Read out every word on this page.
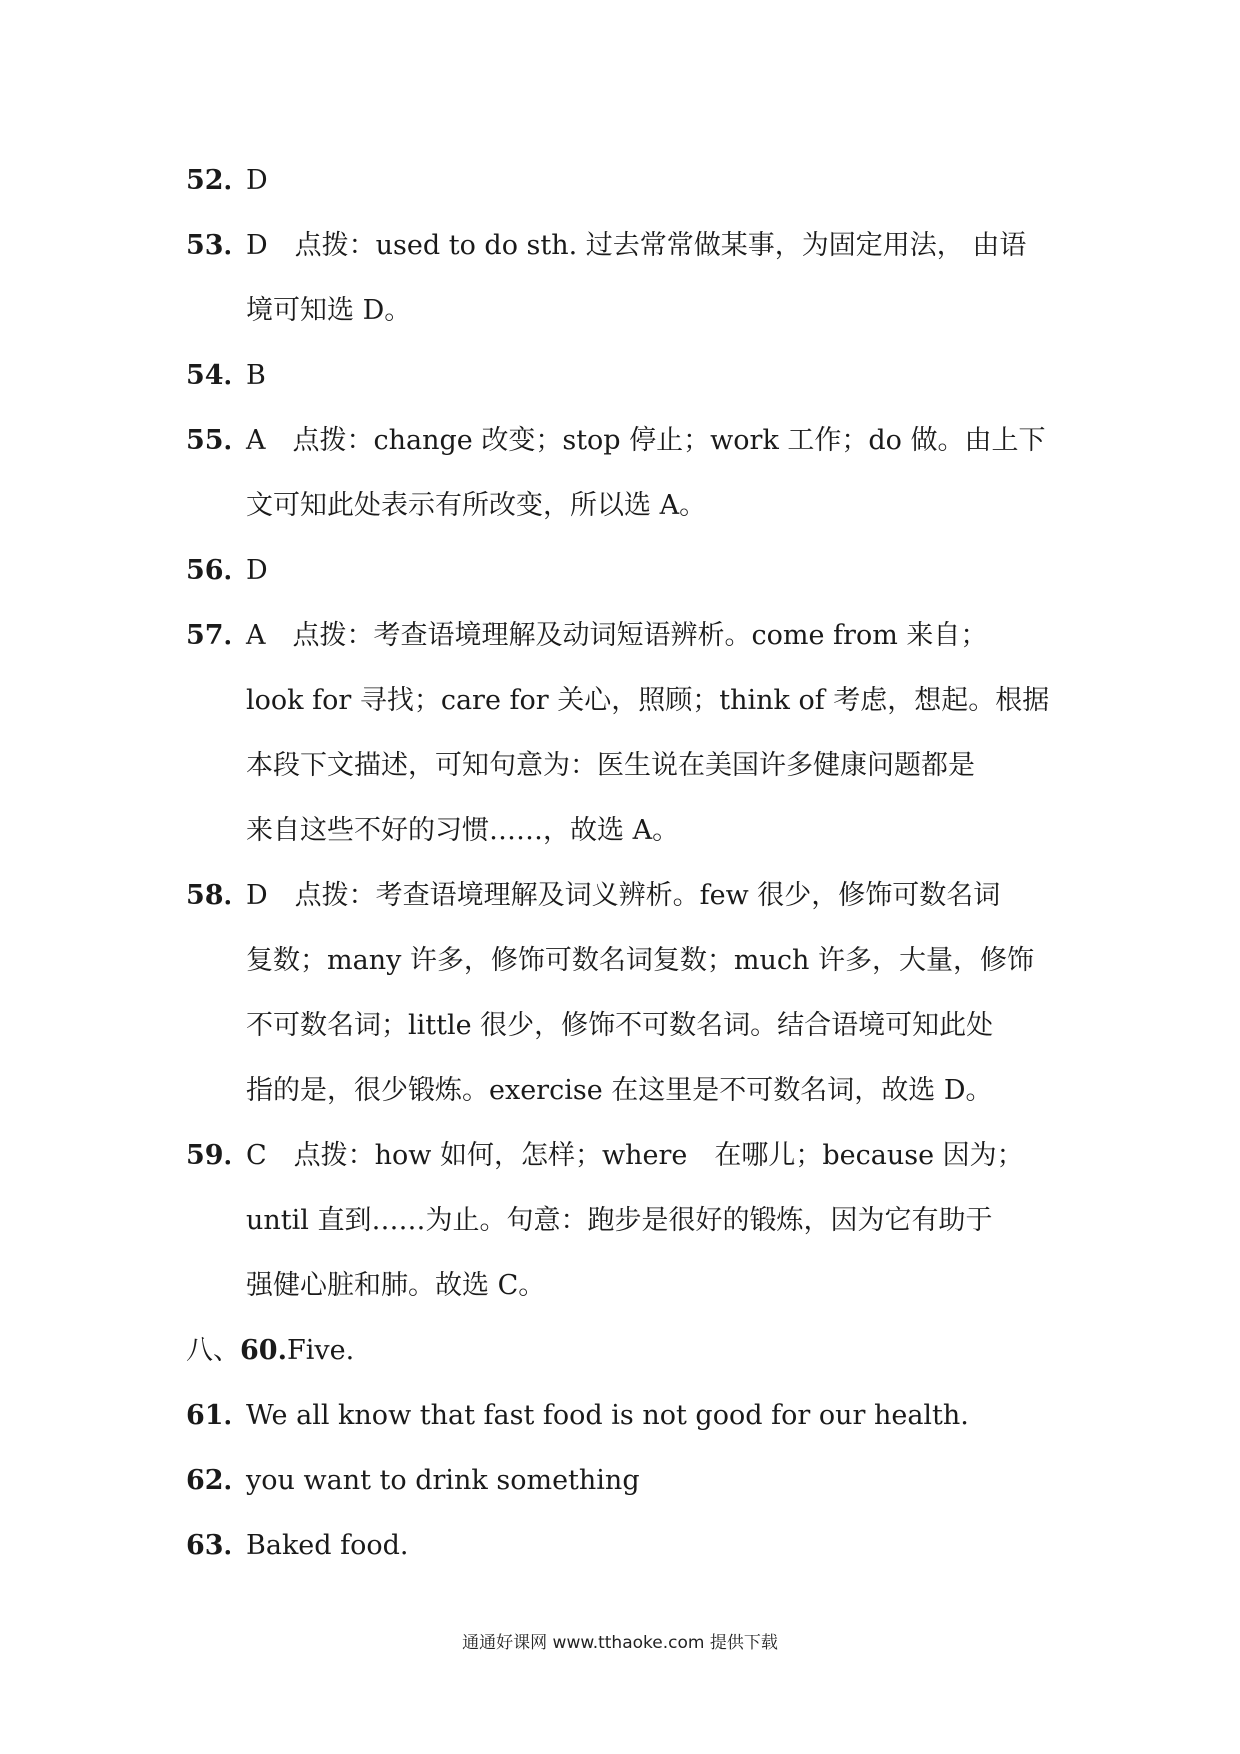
52．D
53．D　点拨：used to do sth. 过去常常做某事，为固定用法， 由语
境可知选 D。
54．B
55．A　点拨：change 改变；stop 停止；work 工作；do 做。由上下
文可知此处表示有所改变，所以选 A。
56．D
57．A　点拨：考查语境理解及动词短语辨析。come from 来自；
look for 寻找；care for 关心，照顾；think of 考虑，想起。根据
本段下文描述，可知句意为：医生说在美国许多健康问题都是
来自这些不好的习惯……，故选 A。
58．D　点拨：考查语境理解及词义辨析。few 很少，修饰可数名词
复数；many 许多，修饰可数名词复数；much 许多，大量，修饰
不可数名词；little 很少，修饰不可数名词。结合语境可知此处
指的是，很少锻炼。exercise 在这里是不可数名词，故选 D。
59．C　点拨：how 如何，怎样；where　在哪儿；because 因为；
until 直到……为止。句意：跑步是很好的锻炼，因为它有助于
强健心脏和肺。故选 C。
八、60.Five.
61．We all know that fast food is not good for our health.
62．you want to drink something
63．Baked food.
通通好课网 www.tthaoke.com 提供下载
